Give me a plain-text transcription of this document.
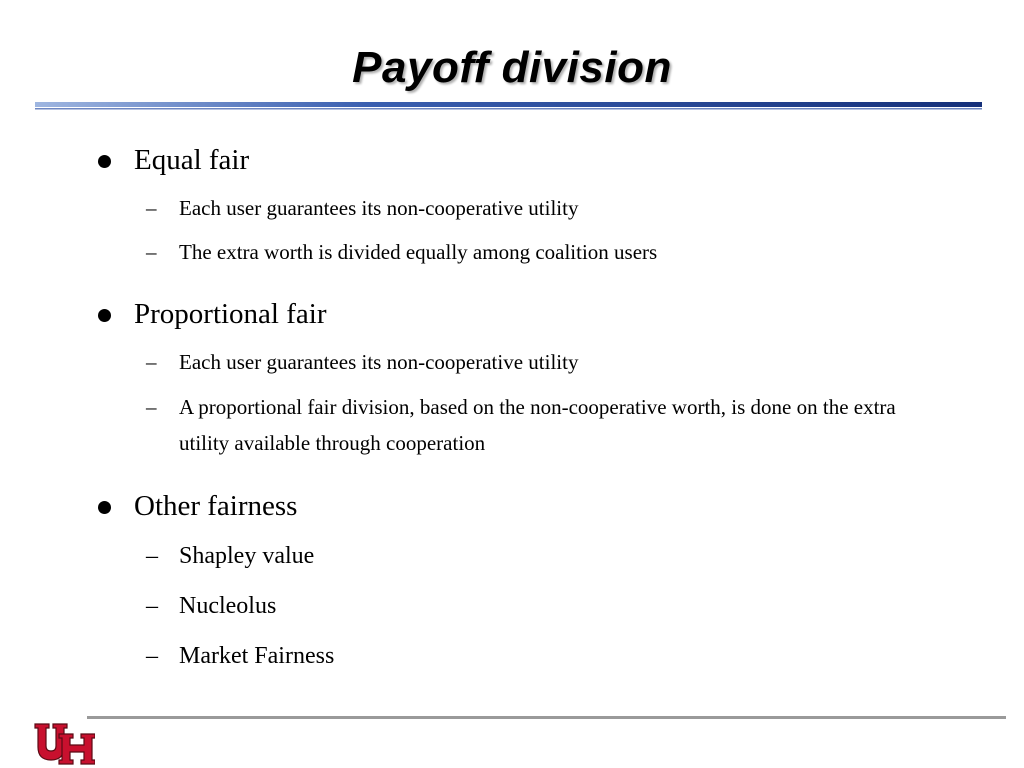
Payoff division
Equal fair
– Each user guarantees its non-cooperative utility
– The extra worth is divided equally among coalition users
Proportional fair
– Each user guarantees its non-cooperative utility
– A proportional fair division, based on the non-cooperative worth, is done on the extra utility available through cooperation
Other fairness
– Shapley value
– Nucleolus
– Market Fairness
